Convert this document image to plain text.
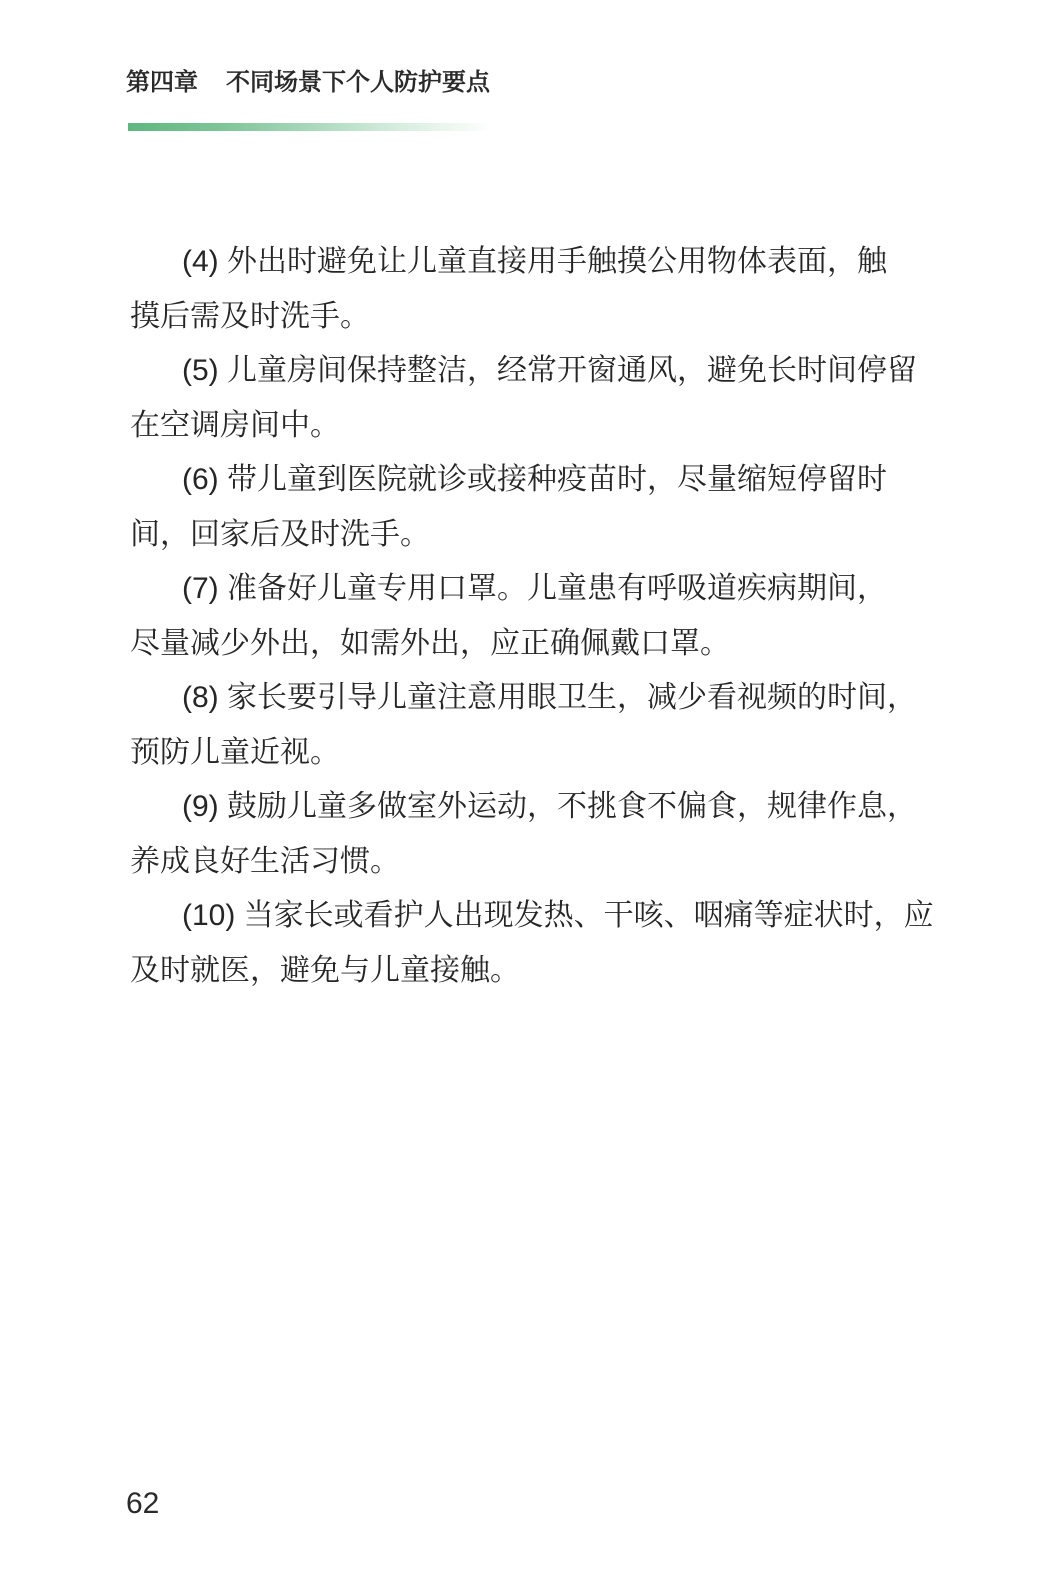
第四章 不同场景下个人防护要点
(4) 外出时避免让儿童直接用手触摸公用物体表面，触
摸后需及时洗手。
(5) 儿童房间保持整洁，经常开窗通风，避免长时间停留
在空调房间中。
(6) 带儿童到医院就诊或接种疫苗时，尽量缩短停留时
间，回家后及时洗手。
(7) 准备好儿童专用口罩。儿童患有呼吸道疾病期间，
尽量减少外出，如需外出，应正确佩戴口罩。
(8) 家长要引导儿童注意用眼卫生，减少看视频的时间，
预防儿童近视。
(9) 鼓励儿童多做室外运动，不挑食不偏食，规律作息，
养成良好生活习惯。
(10) 当家长或看护人出现发热、干咳、咽痛等症状时，应
及时就医，避免与儿童接触。
62
